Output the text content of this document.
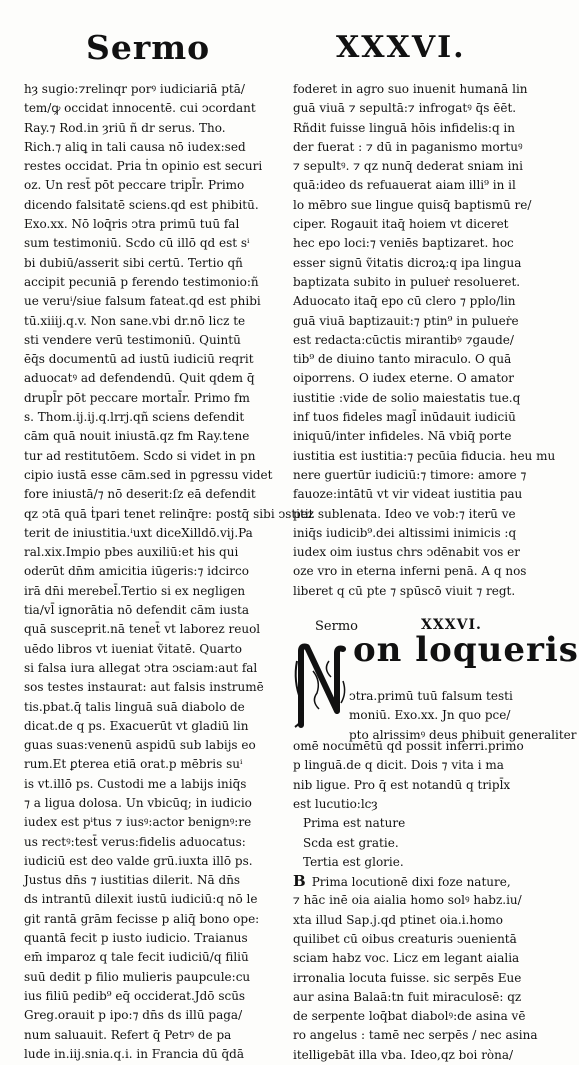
Sermo	XXXVI.
hȝ sugio:⁊relinqr porꝰ iudiciariā ptā/
tem/ꝙ occidat innocentē. cui ↄcordant
Ray.⁊ Rod.in ȝriū ñ dr serus. Tho.
Rich.⁊ aliꝗ in tali causa nō iudex:sed
restes occidat. Pria ṫn opinio est securi
oz. Un rest̄ pōt peccare tripl̄r. Primo
dicendo falsitatē sciens.qd est phibitū.
Exo.xx. Nō loq̄ris ↄtra primū tuū fal
sum testimoniū. Scdo cū illō qd est sⁱ
bi dubiū/asserit sibi certū. Tertio qñ
accipit pecuniā p ferendo testimonio:ñ
ue veruⁱ/siue falsum fateat.qd est phibi
tū.xiiij.q.v. Non sane.vbi dr.nō licz te
sti vendere verū testimoniū. Quintū
ēq̄s documentū ad iustū iudiciū reqrit
aduocatꝰ ad defendendū. Quit qdem q̄
drupl̄r pōt peccare mortal̄r. Primo fm
s. Thom.ij.ij.q.lrrj.qñ sciens defendit
cām quā nouit iniustā.qz fm Ray.tene
tur ad restitutōem. Scdo si videt in pn
cipio iustā esse cām.sed in pgressu videt
fore iniustā/⁊ nō deserit:ſz eā defendit
qz ↄtā quā ṫpari tenet relinq̄re: postq̄ sibi ↄstitit
terit de iniustitia.ⁱuxt diceXilldō.vij.Pa
ral.xix.Impio pbes auxiliū:et his qui
oderūt dn̄m amicitia iūgeris:⁊ idcirco
irā dn̄i merebel̄.Tertio si ex negligen
tia/vl̄ ignorātia nō defendit cām iusta
quā susceprit.nā tenet̄ vt laborez reuol
uēdo libros vt iueniat ṽitatē. Quarto
si falsa iura allegat ↄtra ↄsciam:aut fal
sos testes instaurat: aut falsis instrumē
tis.pbat.q̄ talis linguā suā diabolo de
dicat.de q ps. Exacuerūt vt gladiū lin
guas suas:venenū aspidū sub labijs eo
rum.Et ꝑterea etiā orat.p mēbris suⁱ
is vt.illō ps. Custodi me a labijs iniq̄s
⁊ a ligua dolosa. Un vbicūq; in iudicio
iudex est pⁱtus ⁊ iusꝰ:actor benignꝰ:re
us rectꝰ:test̄ verus:fidelis aduocatus:
iudiciū est deo valde grū.iuxta illō ps.
Justus dn̄s ⁊ iustitias dilerit. Nā dn̄s
ds intrantū dilexit iustū iudiciū:q nō le
git rantā grām fecisse p aliq̄ bono ope:
quantā fecit p iusto iudicio. Traianus
em̄ imparoz q tale fecit iudiciū/q filiū
suū dedit p filio mulieris paupcule:cu
ius filiū pedib⁹ eq̄ occiderat.Jdō scūs
Greg.orauit p ipo:⁊ dn̄s ds illū paga/
num saluauit. Refert q̄ Petrꝰ de pa
lude in.iij.snia.q.i. in Francia dū q̄dā
foderet in agro suo inuenit humanā lin
guā viuā ⁊ sepultā:⁊ infrogatꝰ q̄s ēēt.
Rñdit fuisse linguā hōis infidelis:q in
der fuerat : ⁊ dū in paganismo mortuꝰ
⁊ sepultꝰ. ⁊ qz nunq̄ dederat sniam ini
quā:ideo ds refuauerat aiam illi⁹ in il
lo mēbro sue lingue quisq̄ baptismū re/
ciper. Rogauit itaq̄ hoiem vt diceret
hec epo loci:⁊ veniēs baptizaret. hoc
esser signū ṽitatis dicroꝝ:q ipa lingua
baptizata subito in pulueṙ resolueret.
Aduocato itaq̄ epo cū clero ⁊ pplo/lin
guā viuā baptizauit:⁊ ptin⁹ in pulueṙe
est redacta:cūctis mirantibꝰ ⁊gaude/
tib⁹ de diuino tanto miraculo. O quā
oiporrens. O iudex eterne. O amator
iustitie :vide de solio maiestatis tue.q
inf tuos fideles magl̄ inūdauit iudiciū
iniquū/inter infideles. Nā vbiq̄ porte
iustitia est iustitia:⁊ pecūia fiducia. heu mu
nere guertūr iudiciū:⁊ timore: amore ⁊
fauoze:intātū vt vir videat iustitia pau
pez sublenata. Ideo ve vob:⁊ iterū ve
iniq̄s iudicib⁹.dei altissimi inimicis :q
iudex oim iustus chrs ↄdēnabit vos er
oze vro in eterna inferni penā. A q nos
liberet q cū pte ⁊ spūscō viuit ⁊ regt.
Sermo	XXXVI.
on loqueris
ↄtra.primū tuū falsum testi
moniū. Exo.xx. Jn quo pce/
pto alrissimꝰ deus phibuit generaliter
omē nocumētū qd possit inferri.primo
p linguā.de q dicit. Dois ⁊ vita i ma
nib ligue. Pro q̄ est notandū q tripl̄x
est lucutio:lcȝ
Prima est nature
Scda est gratie.
Tertia est glorie.
B Prima locutionē dixi foze nature,
⁊ hāc inē oia aialia homo solꝰ habz.iu/
xta illud Sap.j.qd ptinet oia.i.homo
quilibet cū oibus creaturis ↄuenientā
sciam habz voc. Licz em legant aialia
irronalia locuta fuisse. sic serpēs Eue
aur asina Balaā:tn fuit miraculosē: qz
de serpente loq̄bat diabolꝰ:de asina vē
ro angelus : tamē nec serpēs / nec asina
itelligebāt illa vba. Ideo,qz boi ròna/
